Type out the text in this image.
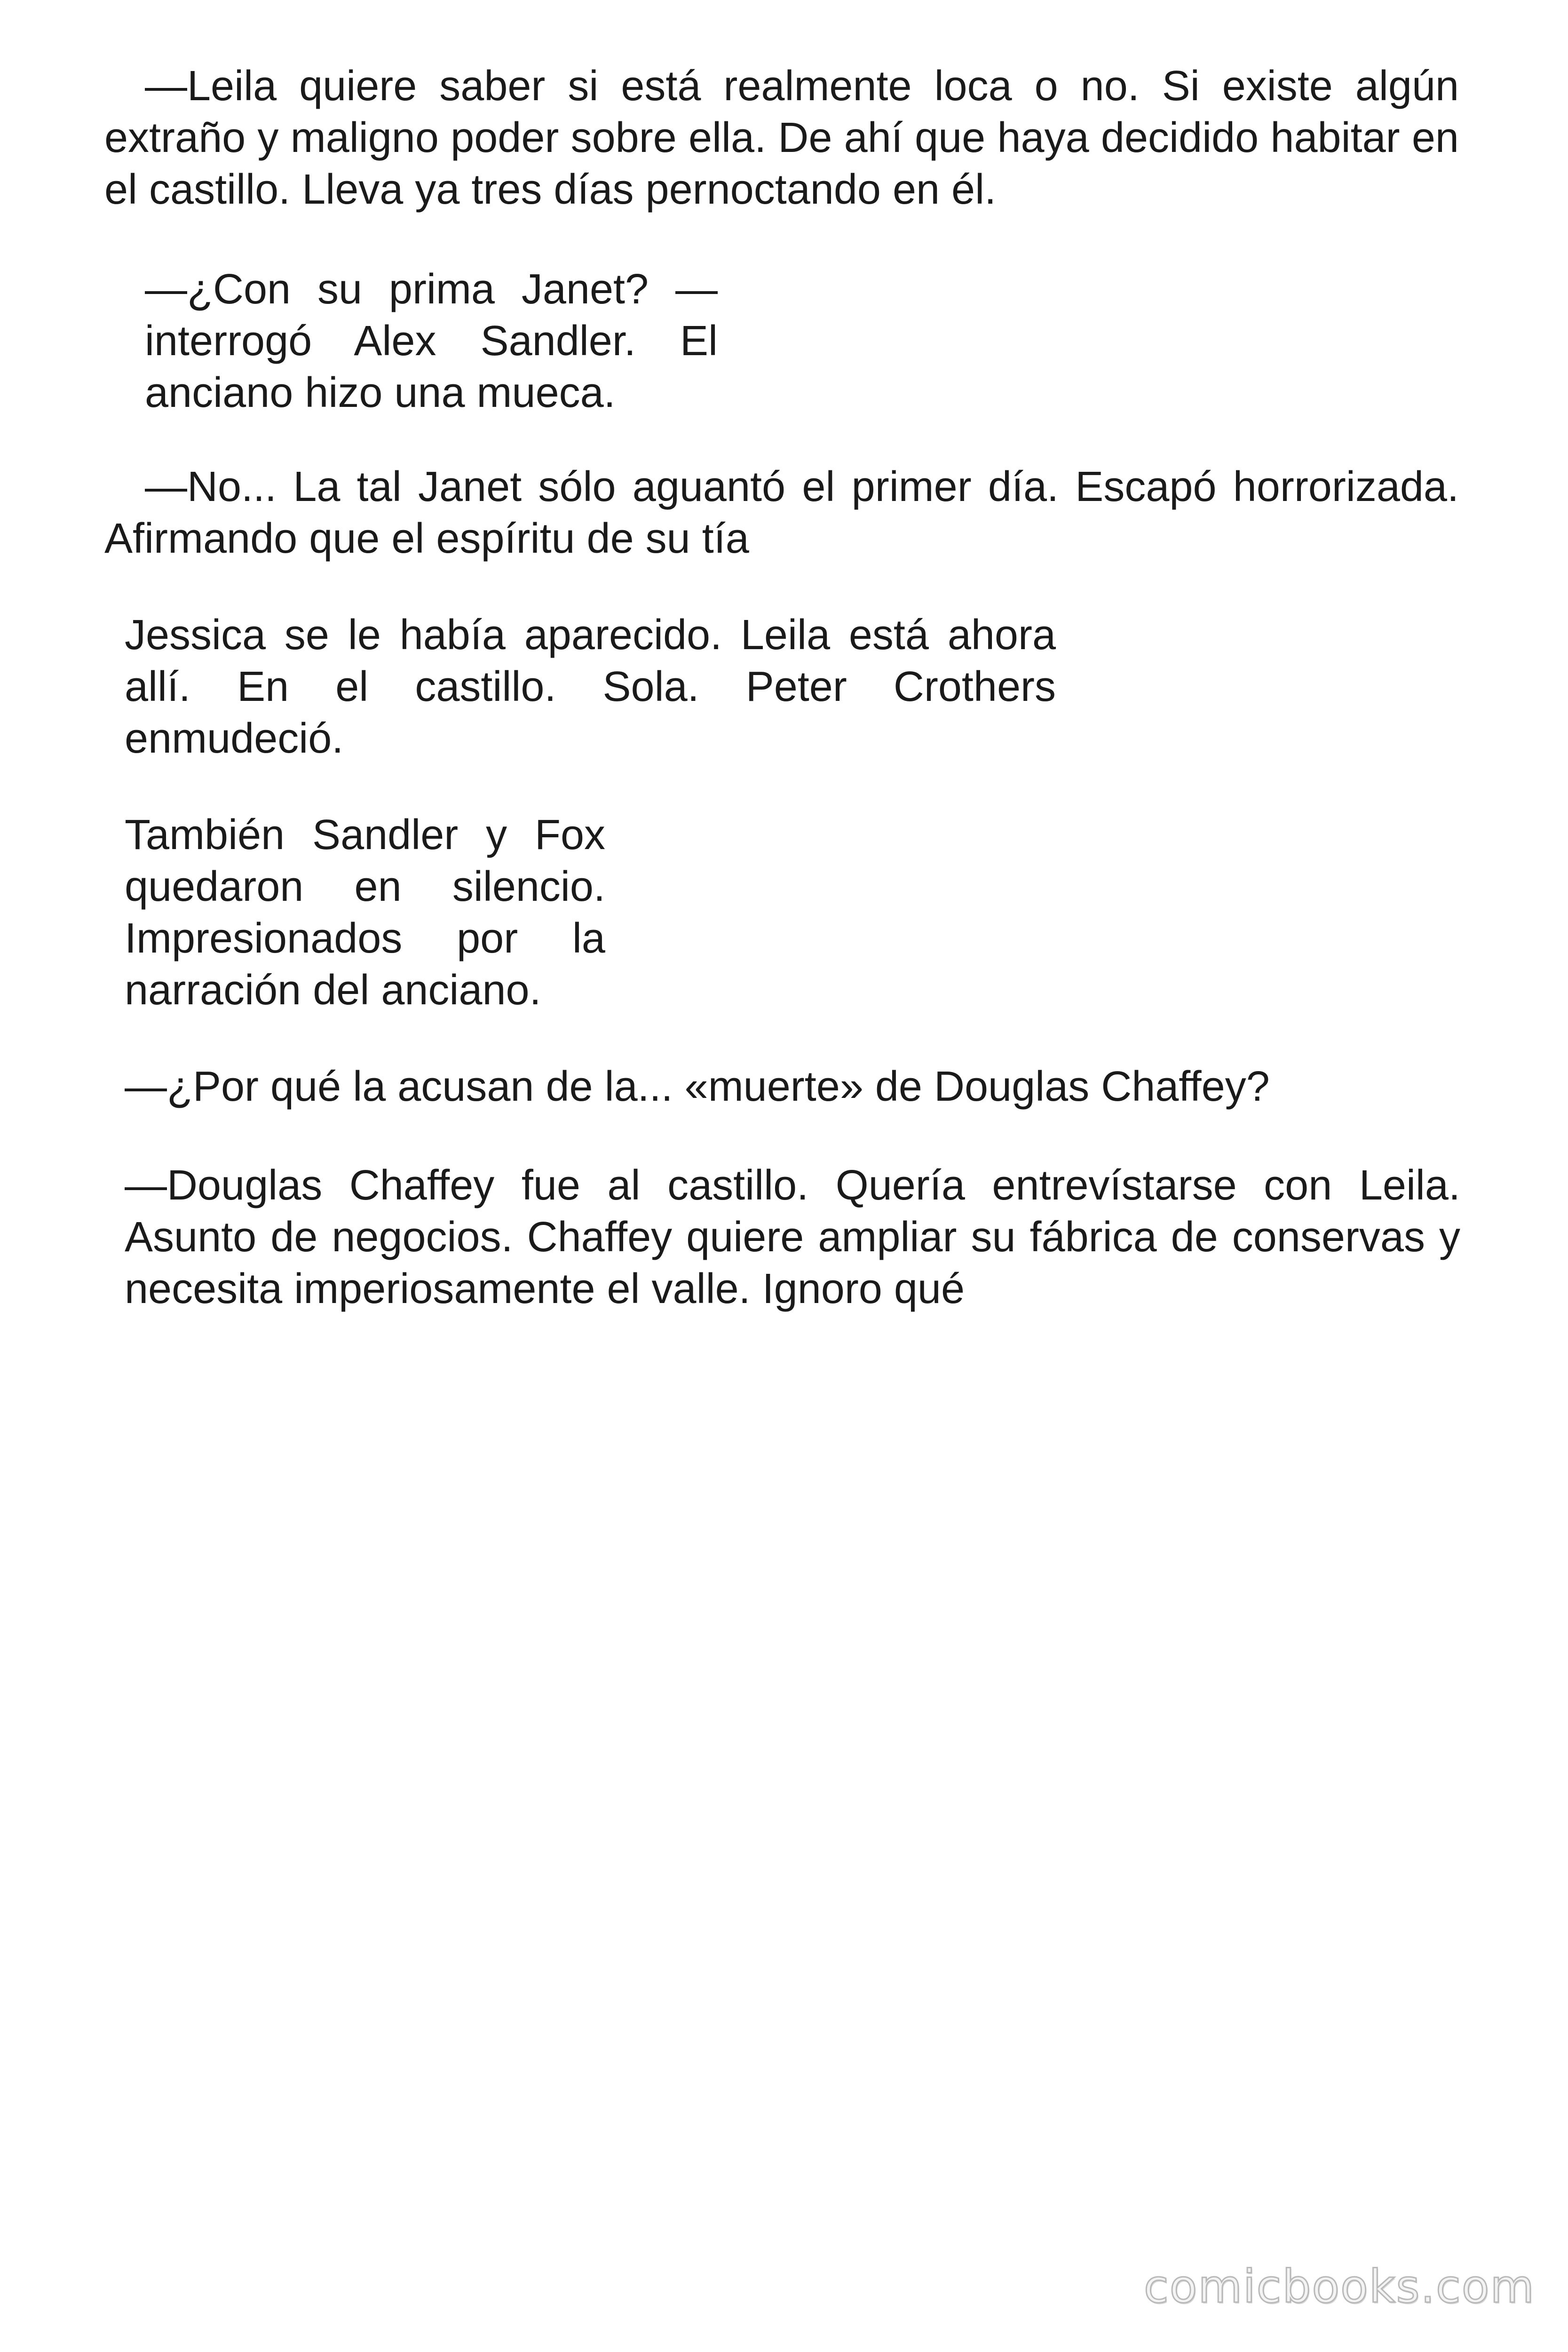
—Leila quiere saber si está realmente loca o no. Si existe algún extraño y maligno poder sobre ella. De ahí que haya decidido habitar en el castillo. Lleva ya tres días pernoctando en él.

—¿Con su prima Janet? —interrogó Alex Sandler. El anciano hizo una mueca.

—No... La tal Janet sólo aguantó el primer día. Escapó horrorizada. Afirmando que el espíritu de su tía

Jessica se le había aparecido. Leila está ahora allí. En el castillo. Sola. Peter Crothers enmudeció.

También Sandler y Fox quedaron en silencio. Impresionados por la narración del anciano.

—¿Por qué la acusan de la... «muerte» de Douglas Chaffey?

—Douglas Chaffey fue al castillo. Quería entrevístarse con Leila. Asunto de negocios. Chaffey quiere ampliar su fábrica de conservas y necesita imperiosamente el valle. Ignoro qué

comicbooks.com
